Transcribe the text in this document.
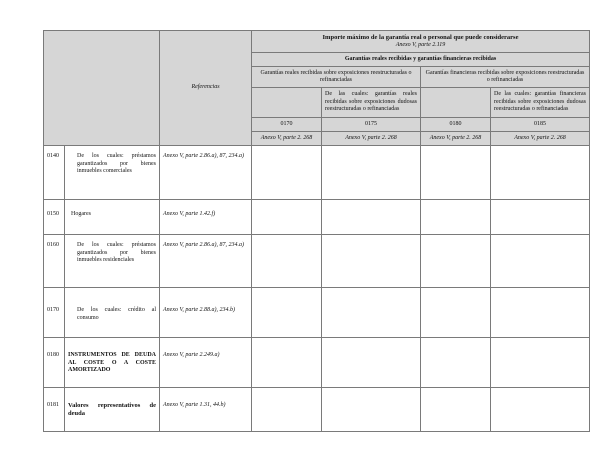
		Referencias	Importe máximo de la garantía real o personal que puede considerarse
Anexo V, parte 2.119			

			Garantías reales recibidas y garantías financieras recibidas			
			Garantías reales recibidas sobre exposiciones reestructuradas o refinanciadas		Garantías financieras recibidas sobre exposiciones reestructuradas o refinanciadas	
				De las cuales: garantías reales recibidas sobre exposiciones dudosas reestructuradas o refinanciadas		De las cuales: garantías financieras recibidas sobre exposiciones dudosas reestructuradas o refinanciadas
			0170	0175	0180	0185
			Anexo V, parte 2. 268	Anexo V, parte 2. 268	Anexo V, parte 2. 268	Anexo V, parte 2. 268
0140	De los cuales: préstamos garantizados por bienes inmuebles comerciales	Anexo V, parte 2.86.a), 87, 234.a)				
0150	Hogares	Anexo V, parte 1.42.f)				
0160	De los cuales: préstamos garantizados por bienes inmuebles residenciales	Anexo V, parte 2.86.a), 87, 234.a)				
0170	De los cuales: crédito al consumo	Anexo V, parte 2.88.a), 234.b)				
0180	INSTRUMENTOS DE DEUDA AL COSTE O A COSTE AMORTIZADO	Anexo V, parte 2.249.a)				
0181	Valores representativos de deuda	Anexo V, parte 1.31, 44.b)				
